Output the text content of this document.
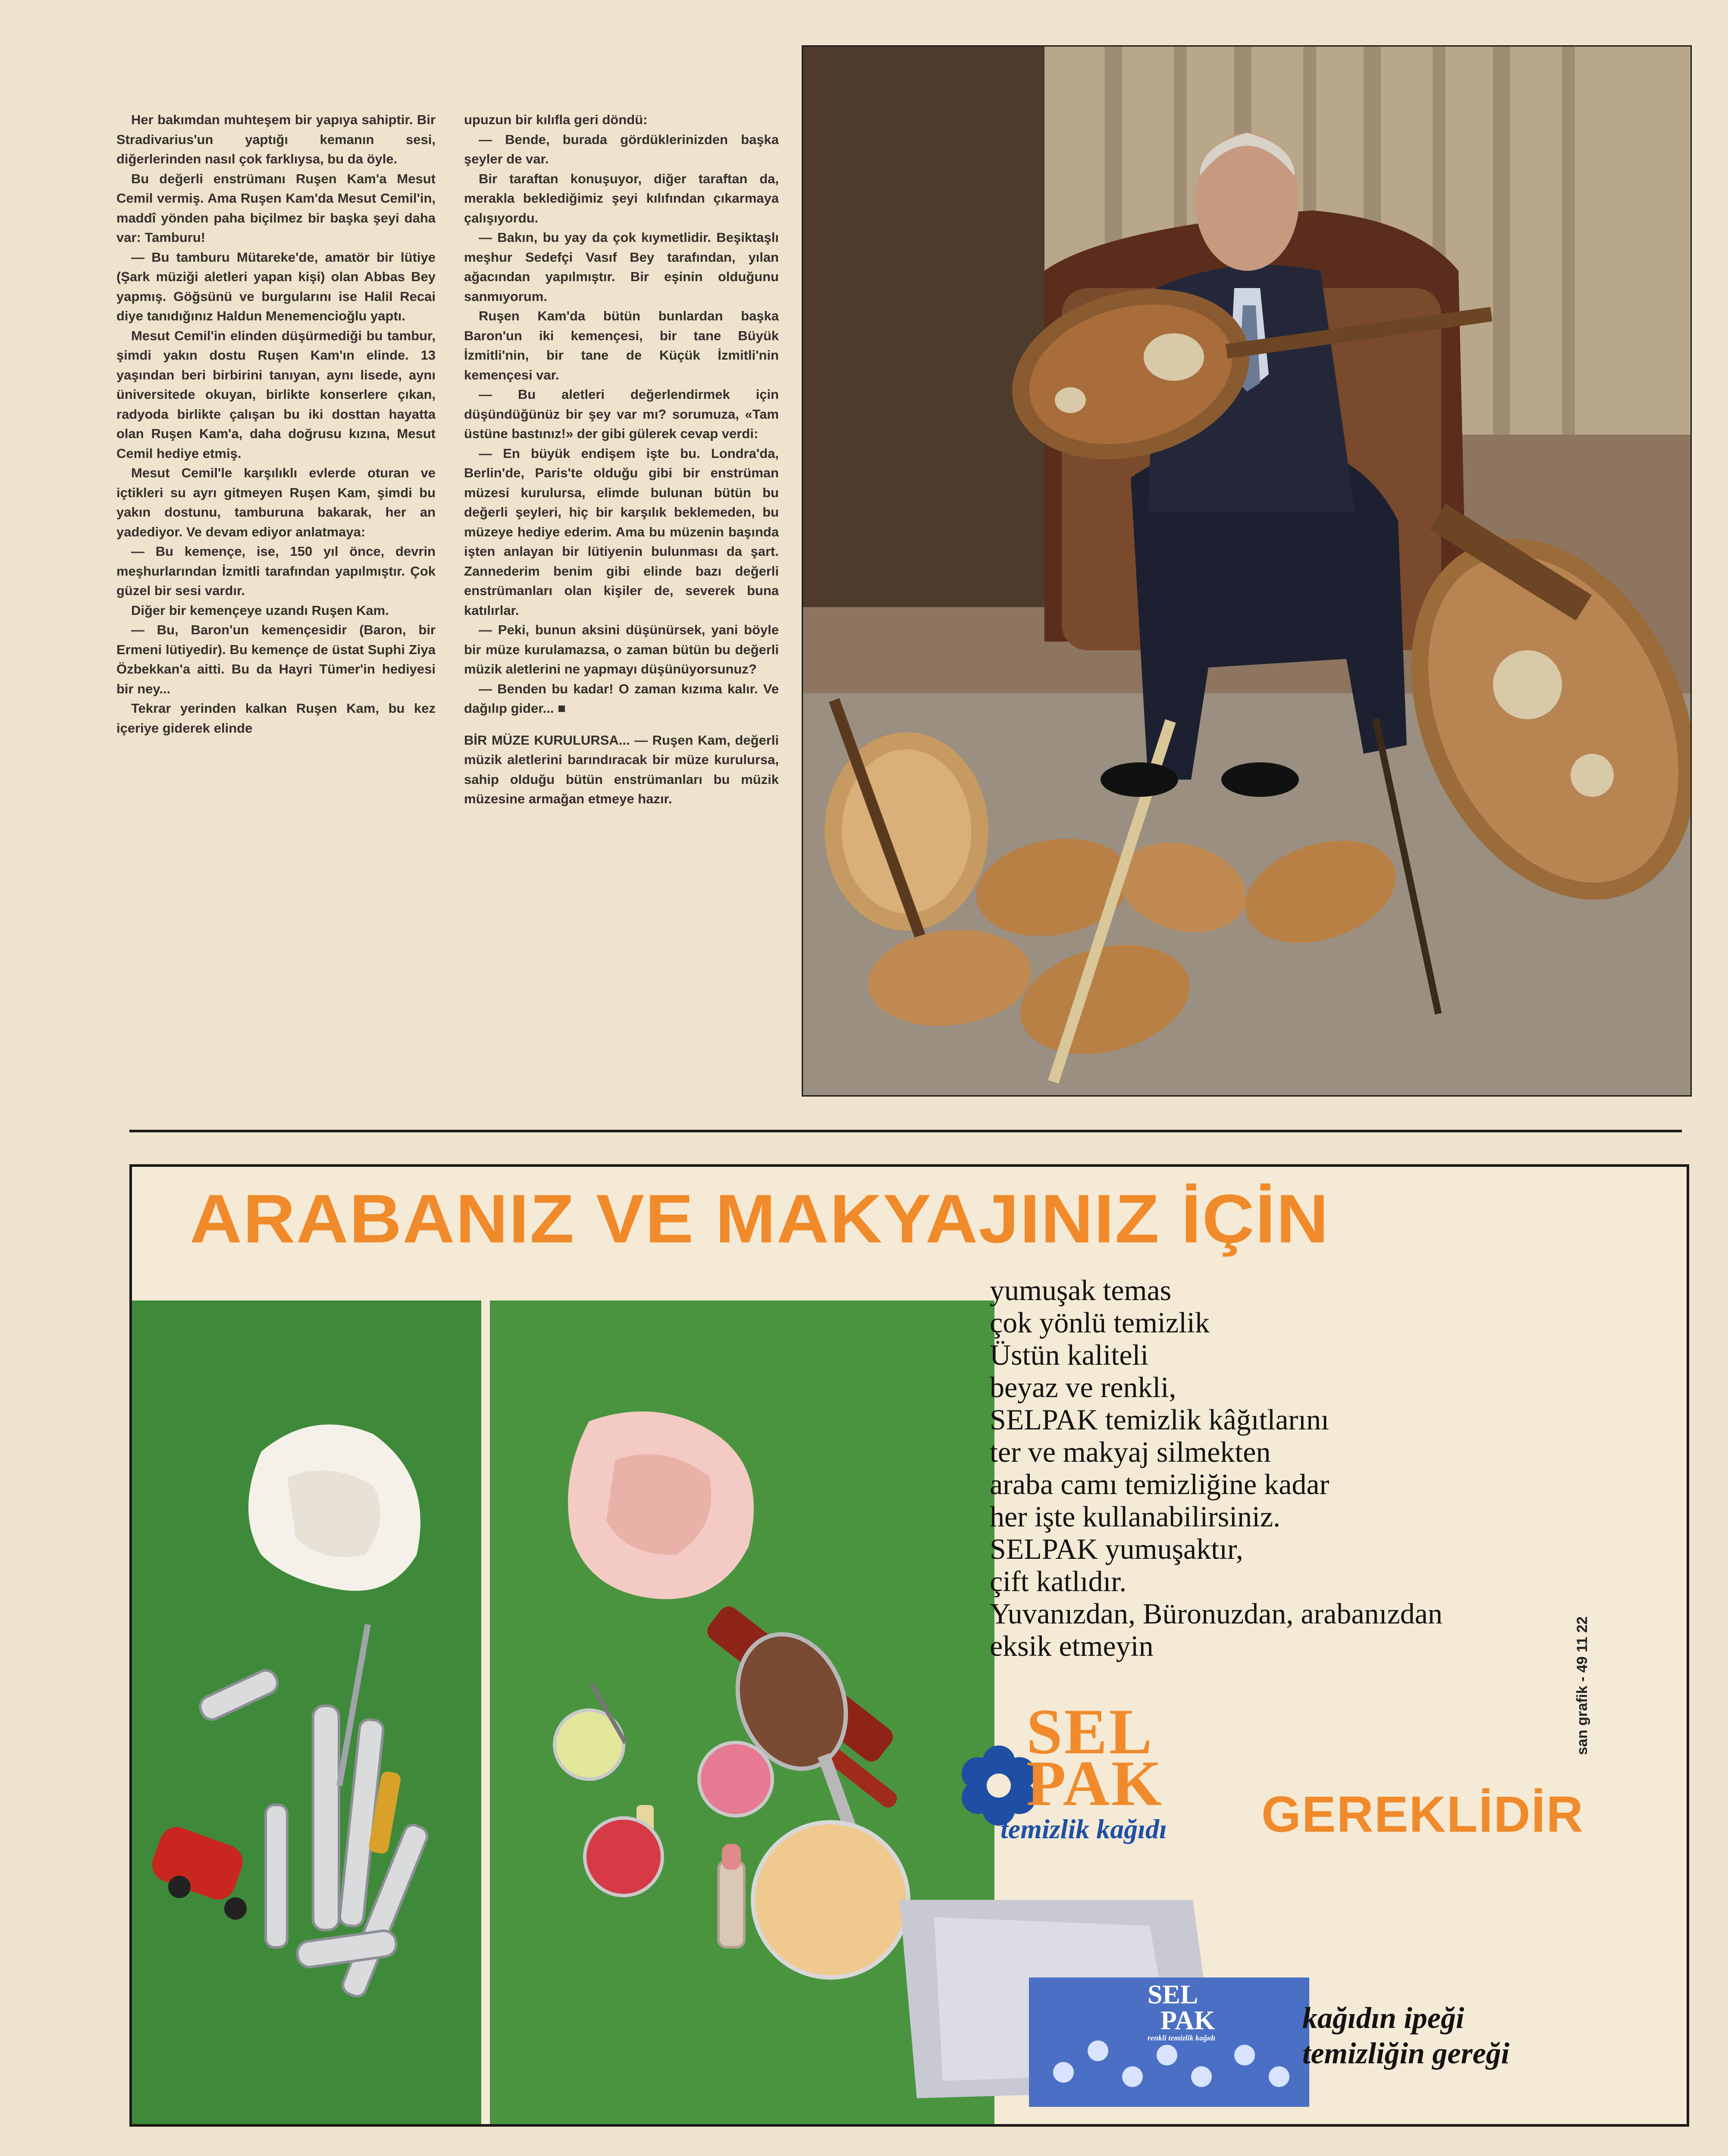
Her bakımdan muhteşem bir yapıya sahiptir. Bir Stradivarius'un yaptığı kemanın sesi, diğerlerinden nasıl çok farklıysa, bu da öyle.

Bu değerli enstrümanı Ruşen Kam'a Mesut Cemil vermiş. Ama Ruşen Kam'da Mesut Cemil'in, maddî yönden paha biçilmez bir başka şeyi daha var: Tamburu!

— Bu tamburu Mütareke'de, amatör bir lütiye (Şark müziği aletleri yapan kişi) olan Abbas Bey yapmış. Göğsünü ve burgularını ise Halil Recai diye tanıdığınız Haldun Menemencioğlu yaptı.

Mesut Cemil'in elinden düşürmediği bu tambur, şimdi yakın dostu Ruşen Kam'ın elinde. 13 yaşından beri birbirini tanıyan, aynı lisede, aynı üniversitede okuyan, birlikte konserlere çıkan, radyoda birlikte çalışan bu iki dosttan hayatta olan Ruşen Kam'a, daha doğrusu kızına, Mesut Cemil hediye etmiş.

Mesut Cemil'le karşılıklı evlerde oturan ve içtikleri su ayrı gitmeyen Ruşen Kam, şimdi bu yakın dostunu, tamburuna bakarak, her an yadediyor. Ve devam ediyor anlatmaya:

— Bu kemençe, ise, 150 yıl önce, devrin meşhurlarından İzmitli tarafından yapılmıştır. Çok güzel bir sesi vardır.

Diğer bir kemençeye uzandı Ruşen Kam.

— Bu, Baron'un kemençesidir (Baron, bir Ermeni lütiyedir). Bu kemençe de üstat Suphi Ziya Özbekkan'a aitti. Bu da Hayri Tümer'in hediyesi bir ney...

Tekrar yerinden kalkan Ruşen Kam, bu kez içeriye giderek elinde

upuzun bir kılıfla geri döndü:

— Bende, burada gördüklerinizden başka şeyler de var.

Bir taraftan konuşuyor, diğer taraftan da, merakla beklediğimiz şeyi kılıfından çıkarmaya çalışıyordu.

— Bakın, bu yay da çok kıymetlidir. Beşiktaşlı meşhur Sedefçi Vasıf Bey tarafından, yılan ağacından yapılmıştır. Bir eşinin olduğunu sanmıyorum.

Ruşen Kam'da bütün bunlardan başka Baron'un iki kemençesi, bir tane Büyük İzmitli'nin, bir tane de Küçük İzmitli'nin kemençesi var.

— Bu aletleri değerlendirmek için düşündüğünüz bir şey var mı? sorumuza, «Tam üstüne bastınız!» der gibi gülerek cevap verdi:

— En büyük endişem işte bu. Londra'da, Berlin'de, Paris'te olduğu gibi bir enstrüman müzesi kurulursa, elimde bulunan bütün bu değerli şeyleri, hiç bir karşılık beklemeden, bu müzeye hediye ederim. Ama bu müzenin başında işten anlayan bir lütiyenin bulunması da şart. Zannederim benim gibi elinde bazı değerli enstrümanları olan kişiler de, severek buna katılırlar.

— Peki, bunun aksini düşünürsek, yani böyle bir müze kurulamazsa, o zaman bütün bu değerli müzik aletlerini ne yapmayı düşünüyorsunuz?

— Benden bu kadar! O zaman kızıma kalır. Ve dağılıp gider... ■

BİR MÜZE KURULURSA... — Ruşen Kam, değerli müzik aletlerini barındıracak bir müze kurulursa, sahip olduğu bütün enstrümanları bu müzik müzesine armağan etmeye hazır.

SEL
PAK
renkli temizlik kağıdı
ARABANIZ VE MAKYAJINIZ İÇİN
yumuşak temas
çok yönlü temizlik
Üstün kaliteli
beyaz ve renkli,
SELPAK temizlik kâğıtlarını
ter ve makyaj silmekten
araba camı temizliğine kadar
her işte kullanabilirsiniz.
SELPAK yumuşaktır,
çift katlıdır.
Yuvanızdan, Büronuzdan, arabanızdan
eksik etmeyin	san grafik - 49 11 22
SEL
PAK
temizlik kağıdı GEREKLİDİR
kağıdın ipeği
temizliğin gereği
